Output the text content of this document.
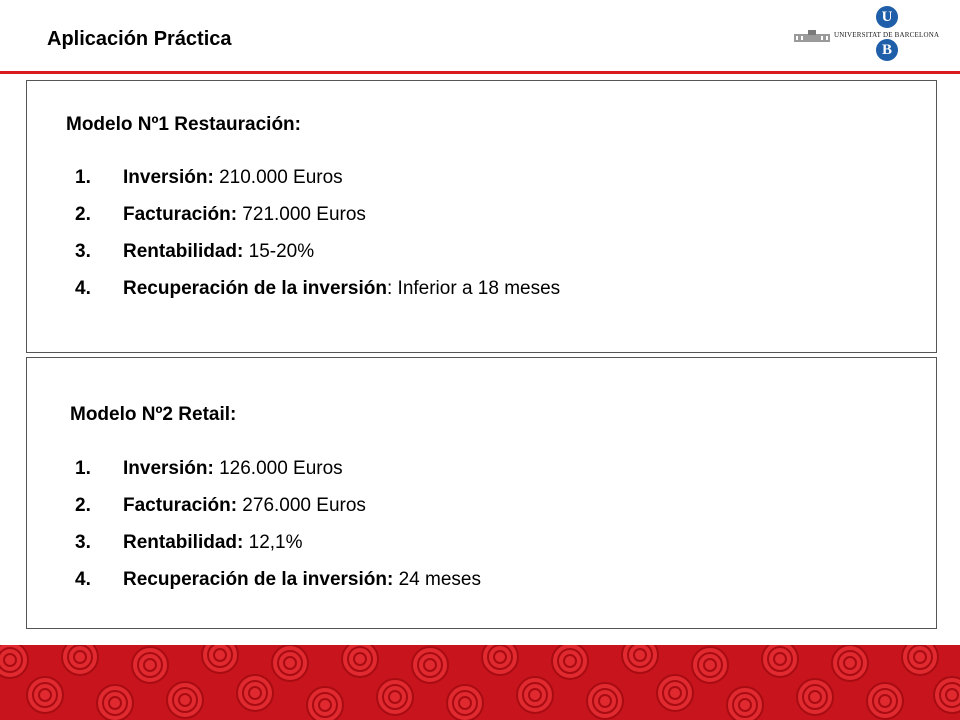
Aplicación Práctica	UNIVERSITAT DE BARCELONA
U
B
Modelo Nº1 Restauración:
1. Inversión: 210.000 Euros
2. Facturación: 721.000 Euros
3. Rentabilidad: 15-20%
4. Recuperación de la inversión: Inferior a 18 meses
Modelo Nº2 Retail:
1. Inversión: 126.000 Euros
2. Facturación: 276.000 Euros
3. Rentabilidad: 12,1%
4. Recuperación de la inversión: 24 meses
